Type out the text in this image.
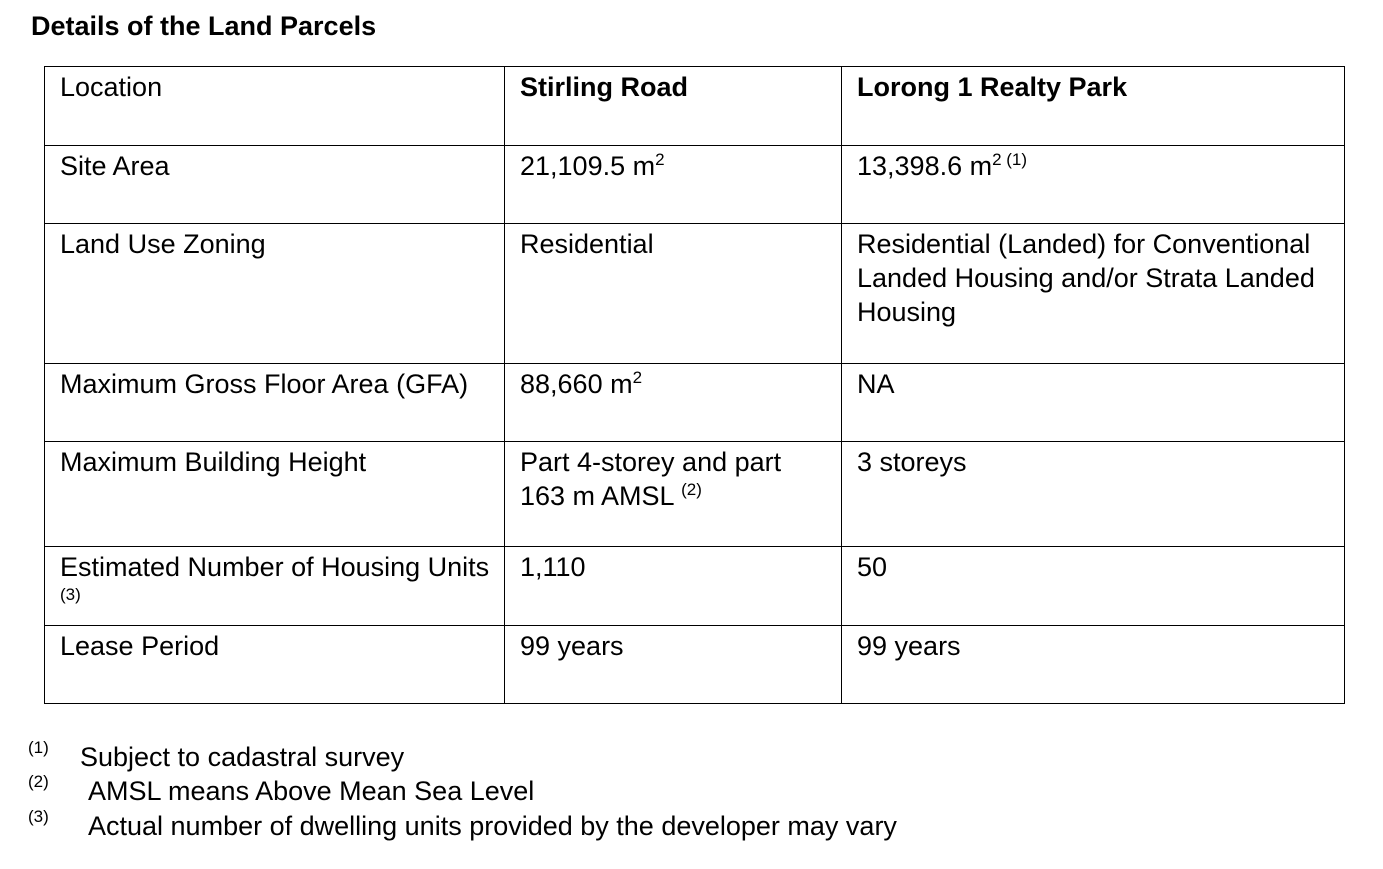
Details of the Land Parcels
Location	Stirling Road	Lorong 1 Realty Park
Site Area	21,109.5 $m^2$	13,398.6 $m^{2 (1)}$
Land Use Zoning	Residential	Residential (Landed) for Conventional Landed Housing and/or Strata Landed Housing
Maximum Gross Floor Area (GFA)	88,660 $m^2$	NA
Maximum Building Height	Part 4-storey and part 163 m AMSL $^{(2)}$	3 storeys
Estimated Number of Housing Units $^{(3)}$	1,110	50
Lease Period	99 years	99 years
(1) Subject to cadastral survey
(2) AMSL means Above Mean Sea Level
(3) Actual number of dwelling units provided by the developer may vary
